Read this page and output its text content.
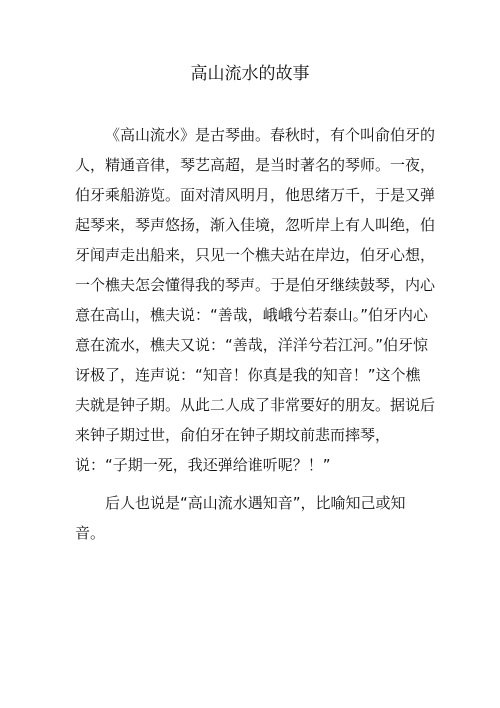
高山流水的故事

《高山流水》是古琴曲。春秋时，有个叫俞伯牙的人，精通音律，琴艺高超，是当时著名的琴师。一夜，伯牙乘船游览。面对清风明月，他思绪万千，于是又弹起琴来，琴声悠扬，渐入佳境，忽听岸上有人叫绝，伯牙闻声走出船来，只见一个樵夫站在岸边，伯牙心想，一个樵夫怎会懂得我的琴声。于是伯牙继续鼓琴，内心意在高山，樵夫说：“善哉，峨峨兮若泰山。”伯牙内心意在流水，樵夫又说：“善哉，洋洋兮若江河。”伯牙惊讶极了，连声说：“知音！你真是我的知音！”这个樵夫就是钟子期。从此二人成了非常要好的朋友。据说后来钟子期过世，俞伯牙在钟子期坟前悲而摔琴，说：“子期一死，我还弹给谁听呢？！”

后人也说是“高山流水遇知音”，比喻知己或知音。
